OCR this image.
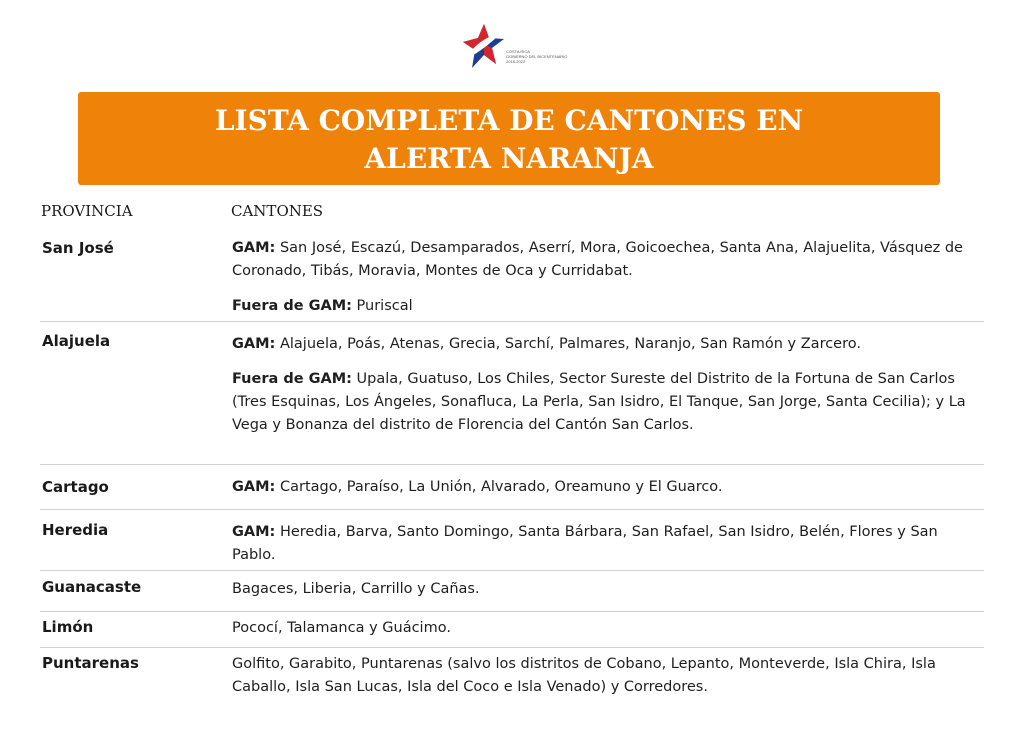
COSTA RICA
GOBIERNO DEL BICENTENARIO
2018-2022
LISTA COMPLETA DE CANTONES EN
ALERTA NARANJA
PROVINCIA	CANTONES
San José	GAM: San José, Escazú, Desamparados, Aserrí, Mora, Goicoechea, Santa Ana, Alajuelita, Vásquez de Coronado, Tibás, Moravia, Montes de Oca y Curridabat.
Fuera de GAM: Puriscal
Alajuela	GAM: Alajuela, Poás, Atenas, Grecia, Sarchí, Palmares, Naranjo, San Ramón y Zarcero.
Fuera de GAM: Upala, Guatuso, Los Chiles, Sector Sureste del Distrito de la Fortuna de San Carlos (Tres Esquinas, Los Ángeles, Sonafluca, La Perla, San Isidro, El Tanque, San Jorge, Santa Cecilia); y La Vega y Bonanza del distrito de Florencia del Cantón San Carlos.
Cartago	GAM: Cartago, Paraíso, La Unión, Alvarado, Oreamuno y El Guarco.
Heredia	GAM: Heredia, Barva, Santo Domingo, Santa Bárbara, San Rafael, San Isidro, Belén, Flores y San Pablo.
Guanacaste	Bagaces, Liberia, Carrillo y Cañas.
Limón	Pococí, Talamanca y Guácimo.
Puntarenas	Golfito, Garabito, Puntarenas (salvo los distritos de Cobano, Lepanto, Monteverde, Isla Chira, Isla Caballo, Isla San Lucas, Isla del Coco e Isla Venado) y Corredores.
